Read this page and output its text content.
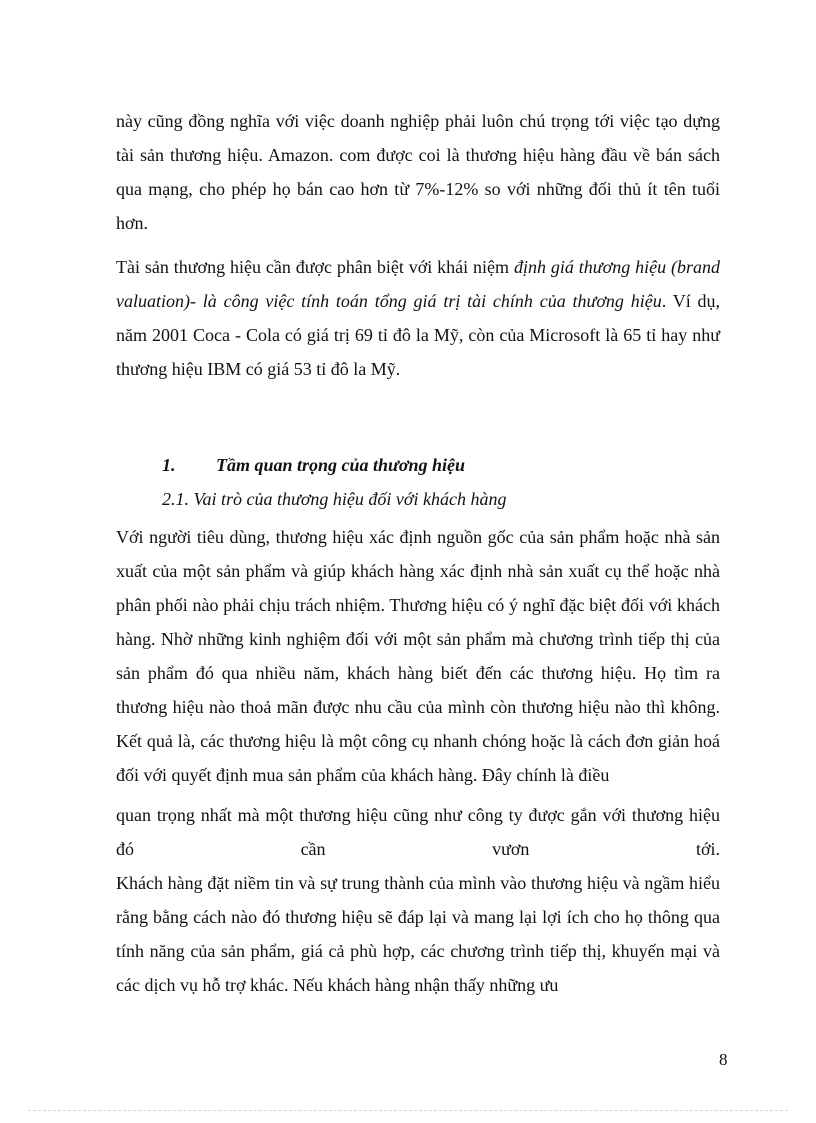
này cũng đồng nghĩa với việc doanh nghiệp phải luôn chú trọng tới việc tạo dựng tài sản thương hiệu. Amazon. com được coi là thương hiệu hàng đầu về bán sách qua mạng, cho phép họ bán cao hơn từ 7%-12% so với những đối thủ ít tên tuổi hơn.

Tài sản thương hiệu cần được phân biệt với khái niệm định giá thương hiệu (brand valuation)- là công việc tính toán tổng giá trị tài chính của thương hiệu. Ví dụ, năm 2001 Coca - Cola có giá trị 69 tỉ đô la Mỹ, còn của Microsoft là 65 tỉ hay như thương hiệu IBM có giá 53 tỉ đô la Mỹ.

1.	Tầm quan trọng của thương hiệu
2.1. Vai trò của thương hiệu đối với khách hàng

Với người tiêu dùng, thương hiệu xác định nguồn gốc của sản phẩm hoặc nhà sản xuất của một sản phẩm và giúp khách hàng xác định nhà sản xuất cụ thể hoặc nhà phân phối nào phải chịu trách nhiệm. Thương hiệu có ý nghĩ đặc biệt đối với khách hàng. Nhờ những kinh nghiệm đối với một sản phẩm mà chương trình tiếp thị của sản phẩm đó qua nhiều năm, khách hàng biết đến các thương hiệu. Họ tìm ra thương hiệu nào thoả mãn được nhu cầu của mình còn thương hiệu nào thì không. Kết quả là, các thương hiệu là một công cụ nhanh chóng hoặc là cách đơn giản hoá đối với quyết định mua sản phẩm của khách hàng. Đây chính là điều

quan trọng nhất mà một thương hiệu cũng như công ty được gắn với thương hiệu đó cần vươn tới.

Khách hàng đặt niềm tin và sự trung thành của mình vào thương hiệu và ngầm hiểu rằng bằng cách nào đó thương hiệu sẽ đáp lại và mang lại lợi ích cho họ thông qua tính năng của sản phẩm, giá cả phù hợp, các chương trình tiếp thị, khuyến mại và các dịch vụ hỗ trợ khác. Nếu khách hàng nhận thấy những ưu

8
